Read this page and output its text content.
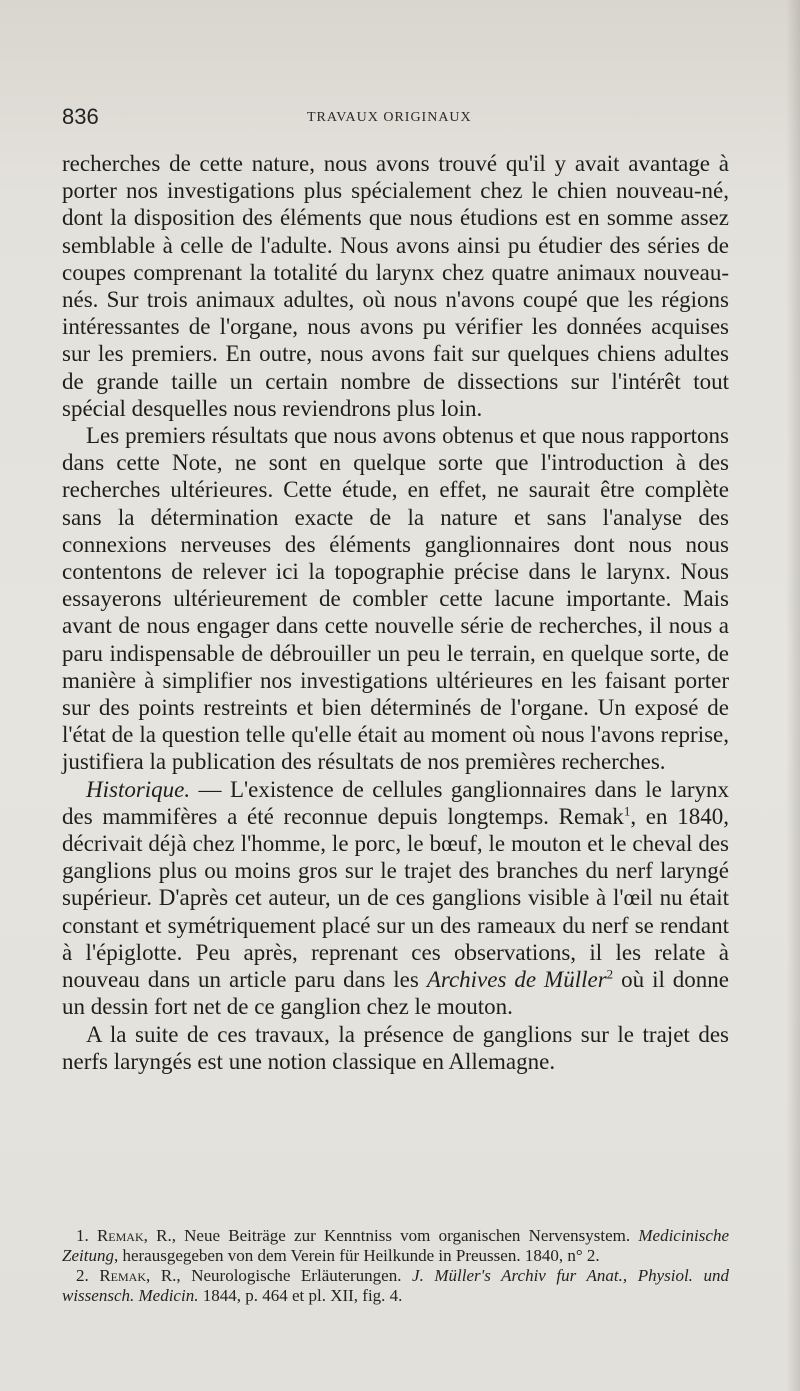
836	TRAVAUX ORIGINAUX

recherches de cette nature, nous avons trouvé qu'il y avait avantage à porter nos investigations plus spécialement chez le chien nouveau-né, dont la disposition des éléments que nous étudions est en somme assez semblable à celle de l'adulte. Nous avons ainsi pu étudier des séries de coupes comprenant la totalité du larynx chez quatre animaux nouveau-nés. Sur trois animaux adultes, où nous n'avons coupé que les régions intéressantes de l'organe, nous avons pu vérifier les données acquises sur les premiers. En outre, nous avons fait sur quelques chiens adultes de grande taille un certain nombre de dissections sur l'intérêt tout spécial desquelles nous reviendrons plus loin.

Les premiers résultats que nous avons obtenus et que nous rapportons dans cette Note, ne sont en quelque sorte que l'introduction à des recherches ultérieures. Cette étude, en effet, ne saurait être complète sans la détermination exacte de la nature et sans l'analyse des connexions nerveuses des éléments ganglionnaires dont nous nous contentons de relever ici la topographie précise dans le larynx. Nous essayerons ultérieurement de combler cette lacune importante. Mais avant de nous engager dans cette nouvelle série de recherches, il nous a paru indispensable de débrouiller un peu le terrain, en quelque sorte, de manière à simplifier nos investigations ultérieures en les faisant porter sur des points restreints et bien déterminés de l'organe. Un exposé de l'état de la question telle qu'elle était au moment où nous l'avons reprise, justifiera la publication des résultats de nos premières recherches.

Historique. — L'existence de cellules ganglionnaires dans le larynx des mammifères a été reconnue depuis longtemps. Remak$^1$, en 1840, décrivait déjà chez l'homme, le porc, le bœuf, le mouton et le cheval des ganglions plus ou moins gros sur le trajet des branches du nerf laryngé supérieur. D'après cet auteur, un de ces ganglions visible à l'œil nu était constant et symétriquement placé sur un des rameaux du nerf se rendant à l'épiglotte. Peu après, reprenant ces observations, il les relate à nouveau dans un article paru dans les Archives de Müller$^2$ où il donne un dessin fort net de ce ganglion chez le mouton.

A la suite de ces travaux, la présence de ganglions sur le trajet des nerfs laryngés est une notion classique en Allemagne.

1. Remak, R., Neue Beiträge zur Kenntniss vom organischen Nervensystem. Medicinische Zeitung, herausgegeben von dem Verein für Heilkunde in Preussen. 1840, n° 2.

2. Remak, R., Neurologische Erläuterungen. J. Müller's Archiv fur Anat., Physiol. und wissensch. Medicin. 1844, p. 464 et pl. XII, fig. 4.
